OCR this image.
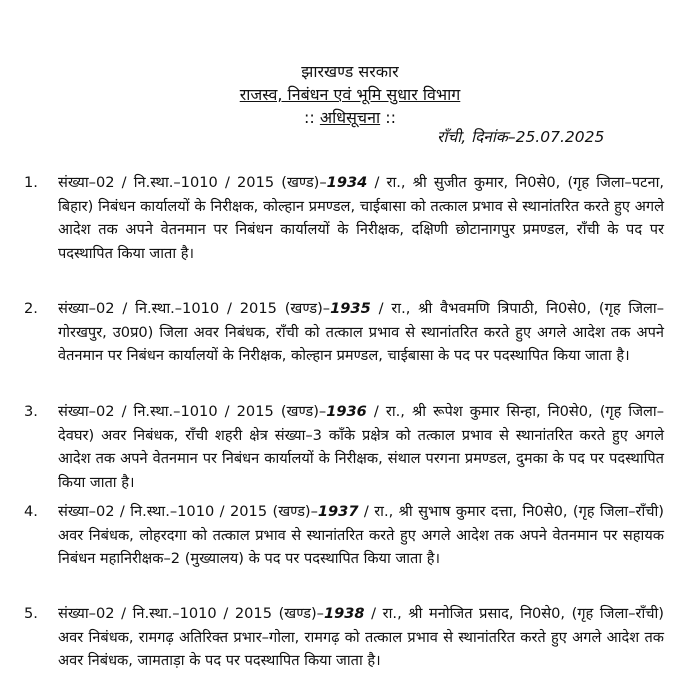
झारखण्ड सरकार
राजस्व, निबंधन एवं भूमि सुधार विभाग
:: अधिसूचना ::
राँची, दिनांक–25.07.2025
1.	संख्या–02 / नि.स्था.–1010 / 2015 (खण्ड)–1934 / रा., श्री सुजीत कुमार, नि0से0, (गृह जिला–पटना, बिहार) निबंधन कार्यालयों के निरीक्षक, कोल्हान प्रमण्डल, चाईबासा को तत्काल प्रभाव से स्थानांतरित करते हुए अगले आदेश तक अपने वेतनमान पर निबंधन कार्यालयों के निरीक्षक, दक्षिणी छोटानागपुर प्रमण्डल, राँची के पद पर पदस्थापित किया जाता है।
2.	संख्या–02 / नि.स्था.–1010 / 2015 (खण्ड)–1935 / रा., श्री वैभवमणि त्रिपाठी, नि0से0, (गृह जिला–गोरखपुर, उ0प्र0) जिला अवर निबंधक, राँची को तत्काल प्रभाव से स्थानांतरित करते हुए अगले आदेश तक अपने वेतनमान पर निबंधन कार्यालयों के निरीक्षक, कोल्हान प्रमण्डल, चाईबासा के पद पर पदस्थापित किया जाता है।
3.	संख्या–02 / नि.स्था.–1010 / 2015 (खण्ड)–1936 / रा., श्री रूपेश कुमार सिन्हा, नि0से0, (गृह जिला–देवघर) अवर निबंधक, राँची शहरी क्षेत्र संख्या–3 काँके प्रक्षेत्र को तत्काल प्रभाव से स्थानांतरित करते हुए अगले आदेश तक अपने वेतनमान पर निबंधन कार्यालयों के निरीक्षक, संथाल परगना प्रमण्डल, दुमका के पद पर पदस्थापित किया जाता है।
4.	संख्या–02 / नि.स्था.–1010 / 2015 (खण्ड)–1937 / रा., श्री सुभाष कुमार दत्ता, नि0से0, (गृह जिला–राँची) अवर निबंधक, लोहरदगा को तत्काल प्रभाव से स्थानांतरित करते हुए अगले आदेश तक अपने वेतनमान पर सहायक निबंधन महानिरीक्षक–2 (मुख्यालय) के पद पर पदस्थापित किया जाता है।
5.	संख्या–02 / नि.स्था.–1010 / 2015 (खण्ड)–1938 / रा., श्री मनोजित प्रसाद, नि0से0, (गृह जिला–राँची) अवर निबंधक, रामगढ़ अतिरिक्त प्रभार–गोला, रामगढ़ को तत्काल प्रभाव से स्थानांतरित करते हुए अगले आदेश तक अवर निबंधक, जामताड़ा के पद पर पदस्थापित किया जाता है।
